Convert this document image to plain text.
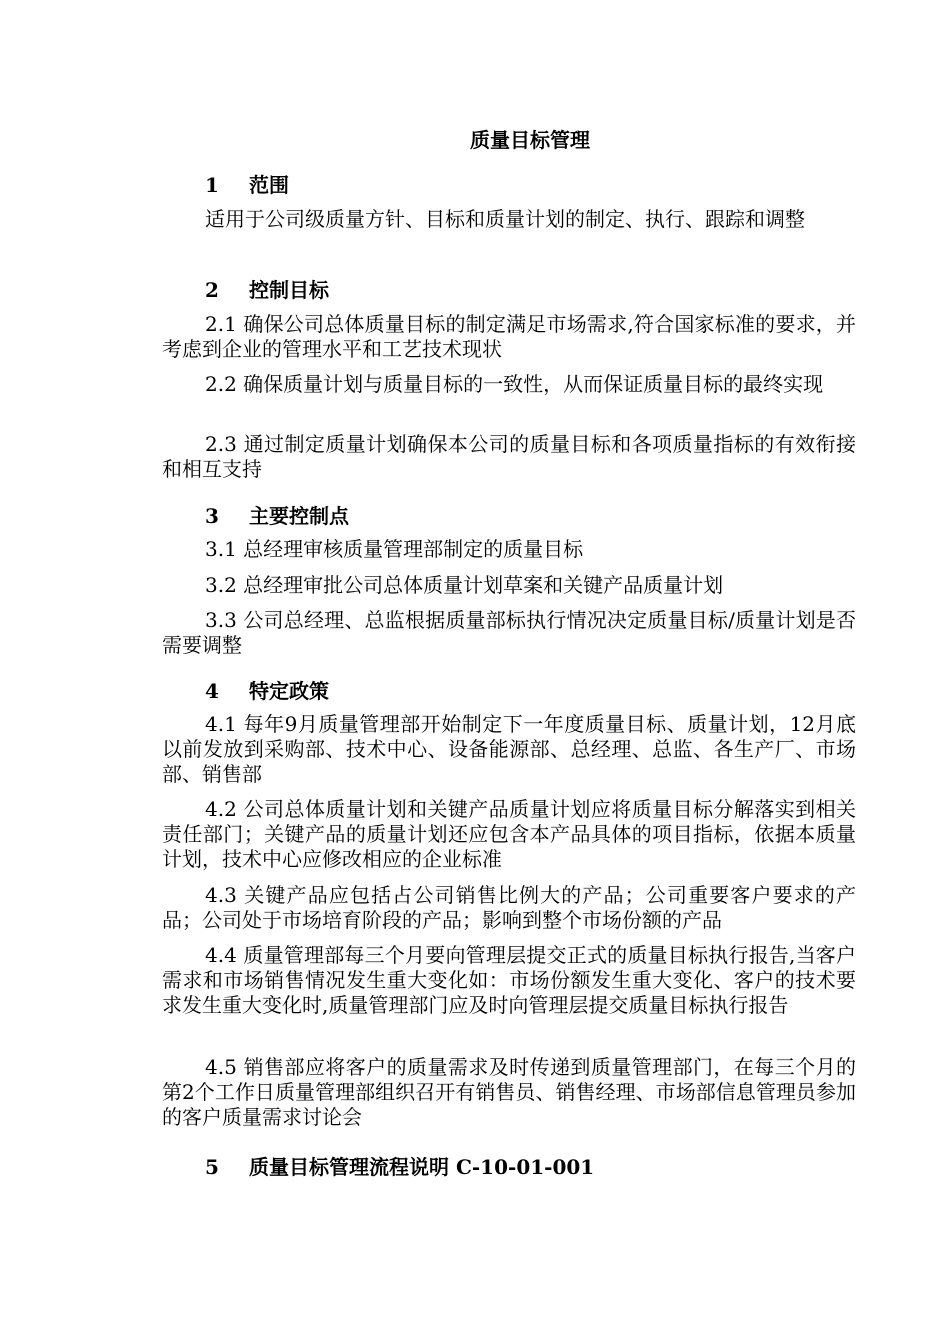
质量目标管理
1 范围

适用于公司级质量方针、目标和质量计划的制定、执行、跟踪和调整

2 控制目标

2.1 确保公司总体质量目标的制定满足市场需求,符合国家标准的要求，并考虑到企业的管理水平和工艺技术现状

2.2 确保质量计划与质量目标的一致性，从而保证质量目标的最终实现

2.3 通过制定质量计划确保本公司的质量目标和各项质量指标的有效衔接和相互支持

3 主要控制点

3.1 总经理审核质量管理部制定的质量目标

3.2 总经理审批公司总体质量计划草案和关键产品质量计划

3.3 公司总经理、总监根据质量部标执行情况决定质量目标/质量计划是否需要调整

4 特定政策

4.1 每年9月质量管理部开始制定下一年度质量目标、质量计划，12月底以前发放到采购部、技术中心、设备能源部、总经理、总监、各生产厂、市场部、销售部

4.2 公司总体质量计划和关键产品质量计划应将质量目标分解落实到相关责任部门；关键产品的质量计划还应包含本产品具体的项目指标，依据本质量计划，技术中心应修改相应的企业标准

4.3 关键产品应包括占公司销售比例大的产品；公司重要客户要求的产品；公司处于市场培育阶段的产品；影响到整个市场份额的产品

4.4 质量管理部每三个月要向管理层提交正式的质量目标执行报告,当客户需求和市场销售情况发生重大变化如：市场份额发生重大变化、客户的技术要求发生重大变化时,质量管理部门应及时向管理层提交质量目标执行报告

4.5 销售部应将客户的质量需求及时传递到质量管理部门，在每三个月的第2个工作日质量管理部组织召开有销售员、销售经理、市场部信息管理员参加的客户质量需求讨论会

5 质量目标管理流程说明 C-10-01-001
